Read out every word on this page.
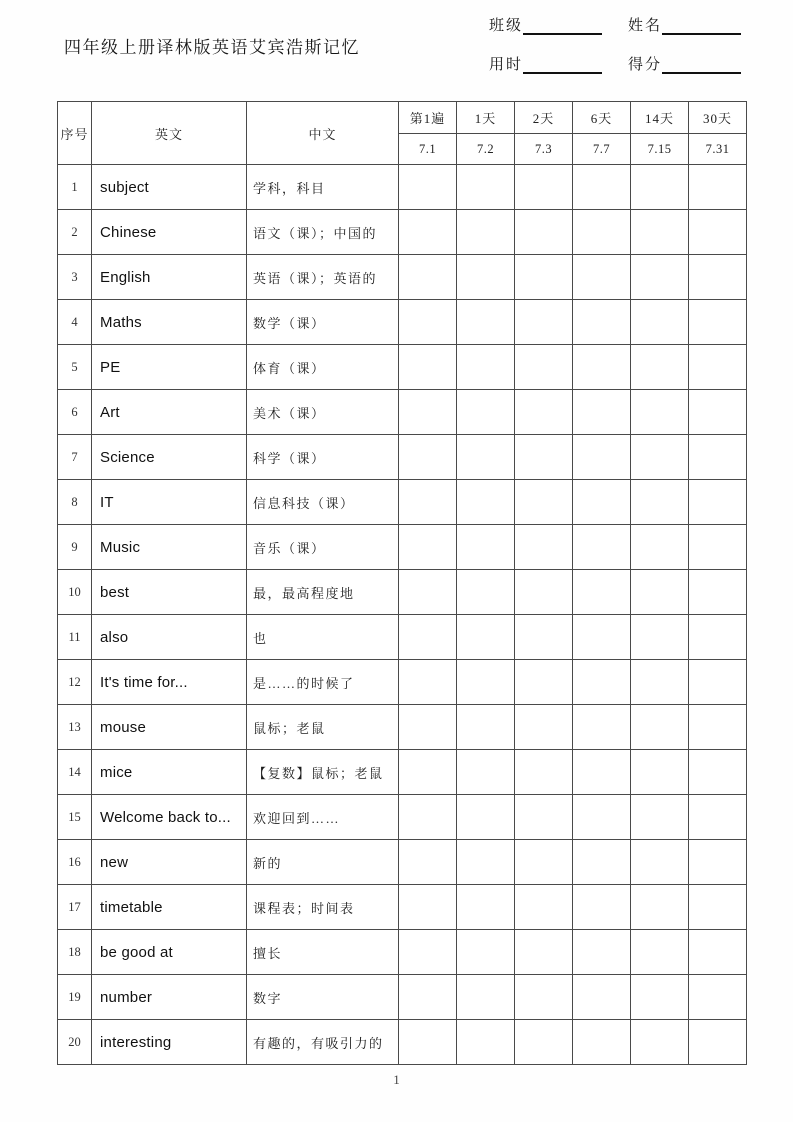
四年级上册译林版英语艾宾浩斯记忆
班级	姓名
用时	得分
序号	英文	中文	第1遍	1天	2天	6天	14天	30天
			7.1	7.2	7.3	7.7	7.15	7.31
1	subject	学科，科目						
2	Chinese	语文（课）；中国的						
3	English	英语（课）；英语的						
4	Maths	数学（课）						
5	PE	体育（课）						
6	Art	美术（课）						
7	Science	科学（课）						
8	IT	信息科技（课）						
9	Music	音乐（课）						
10	best	最，最高程度地						
11	also	也						
12	It's time for...	是……的时候了						
13	mouse	鼠标；老鼠						
14	mice	【复数】鼠标；老鼠						
15	Welcome back to...	欢迎回到……						
16	new	新的						
17	timetable	课程表；时间表						
18	be good at	擅长						
19	number	数字						
20	interesting	有趣的，有吸引力的						
1
